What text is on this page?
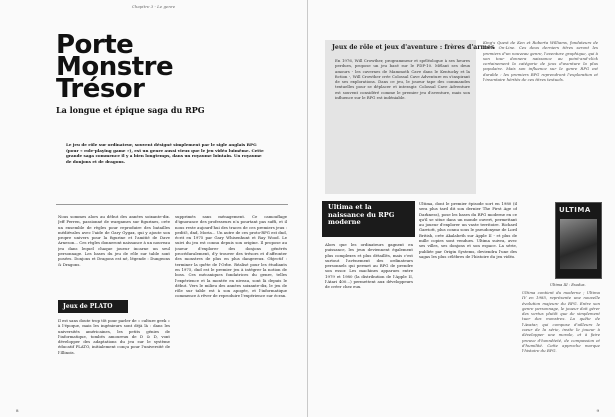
Chapitre 3 - Le genre
Porte
Monstre
Trésor
La longue et épique saga du RPG
Le jeu de rôle sur ordinateur, souvent désigné simplement par le sigle anglais RPG (pour « role-playing game »), est un genre aussi vieux que le jeu vidéo luimême. Cette grande saga commence il y a bien longtemps, dans un royaume lointain. Un royaume de donjons et de dragons.
Nous sommes alors au début des années soixante-dix. Jeff Perren, passionné de wargames sur figurines, crée un ensemble de règles pour reproduire des batailles médiévales avec l'aide de Gary Gygax, qui y ajoute son propre univers pour la figurine et l'amitié de Dave Arneson... Ces règles donneront naissance à un nouveau jeu dans lequel chaque joueur incarne un seul personnage. Les bases du jeu de rôle sur table sont posées. Donjons et Dragons est né, légende : Dungeons & Dragons.
Jeux de PLATO
Il est sans doute trop tôt pour parler de « culture geek » à l'époque, mais les ingénieurs sont déjà là : dans les universités américaines, les petits génies de l'informatique, tombés amoureux de D & D, vont développer des adaptations du jeu sur le système éducatif PLATO, initialement conçu pour l'université de l'Illinois.
supprimés sans ménagement. Ce camouflage d'ignorance des professeurs n'a pourtant pas suffi, et il nous reste aujourd'hui des traces de ces premiers jeux : pedit5, dnd, Moria... Un autre de ces proto-RPG est dnd, écrit en 1975 par Gary Whisenhunt et Ray Wood. Le suivi du jeu est connu depuis son origine. Il propose au joueur d'explorer des donjons générés procéduralement, d'y trouver des trésors et d'affronter des monstres de plus en plus dangereux. Objectif : terminer la quête de l'Orbe. Réalisé pour les étudiants en 1975, dnd est le premier jeu à intégrer la notion de boss. Ces mécaniques fondatrices du genre, telles l'expérience et la montée en niveau, sont là depuis le début. Vers le milieu des années soixante-dix, le jeu de rôle sur table est à son apogée, et l'informatique commence à rêver de reproduire l'expérience sur écran.
8
Jeux de rôle et jeux d'aventure : frères d'armes
En 1976, Will Crowther, programmeur et spéléologue à ses heures perdues, propose un jeu basé sur le PDP-10. Mêlant ses deux amours - les cavernes de Mammoth Cave dans le Kentucky et la fiction -, Will Crowther crée Colossal Cave Adventure en s'inspirant de ses explorations. Dans ce jeu, le joueur tape des commandes textuelles pour se déplacer et interagir. Colossal Cave Adventure est souvent considéré comme le premier jeu d'aventure, mais son influence sur le RPG est indéniable.
King's Quest de Ken et Roberta Williams, fondateurs de Sierra On-Line. Ces deux derniers titres seront les premiers d'un nouveau genre, l'aventure graphique, qui à son tour donnera naissance au point-and-click certainement la catégorie de jeux d'aventure la plus populaire. Mais son influence sur le genre RPG est durable : les premiers RPG reprendront l'exploration et l'inventaire hérités de ces titres textuels.
Ultima et la naissance du RPG moderne
Alors que les ordinateurs gagnent en puissance, les jeux deviennent également plus complexes et plus détaillés, mais c'est surtout l'avènement des ordinateurs personnels qui permet au RPG de prendre son essor. Les machines apparues entre 1979 et 1980 (la distribution de l'Apple II, l'Atari 400...) permettent aux développeurs de créer chez eux.
Ultima, dont le premier épisode sort en 1980 (il sera plus tard dit son dernier The First Age of Darkness), pose les bases du RPG moderne en ce qu'il se situe dans un monde ouvert, permettant au joueur d'explorer un vaste territoire. Richard Garriott, plus connu sous le pseudonyme de Lord British, crée Akalabeth sur Apple II - et plus de mille copies sont vendues. Ultima suivra, avec ses villes, ses donjons et son espace. La série, publiée par Origin Systems, deviendra l'une des sagas les plus célèbres de l'histoire du jeu vidéo.
Ultima contient du moderne ; Ultima IV en 1985, représente une nouvelle évolution majeure du RPG. Entre son genre personnage, le joueur doit gérer des vertus plutôt que de simplement tuer des monstres. La quête de l'Avatar, qui compose d'ailleurs le cœur de la série, invite le joueur à développer une morale, et à faire preuve d'honnêteté, de compassion et d'humilité. Cette approche marque l'histoire du RPG.
ULTIMA
Ultima III : Exodus.
9
